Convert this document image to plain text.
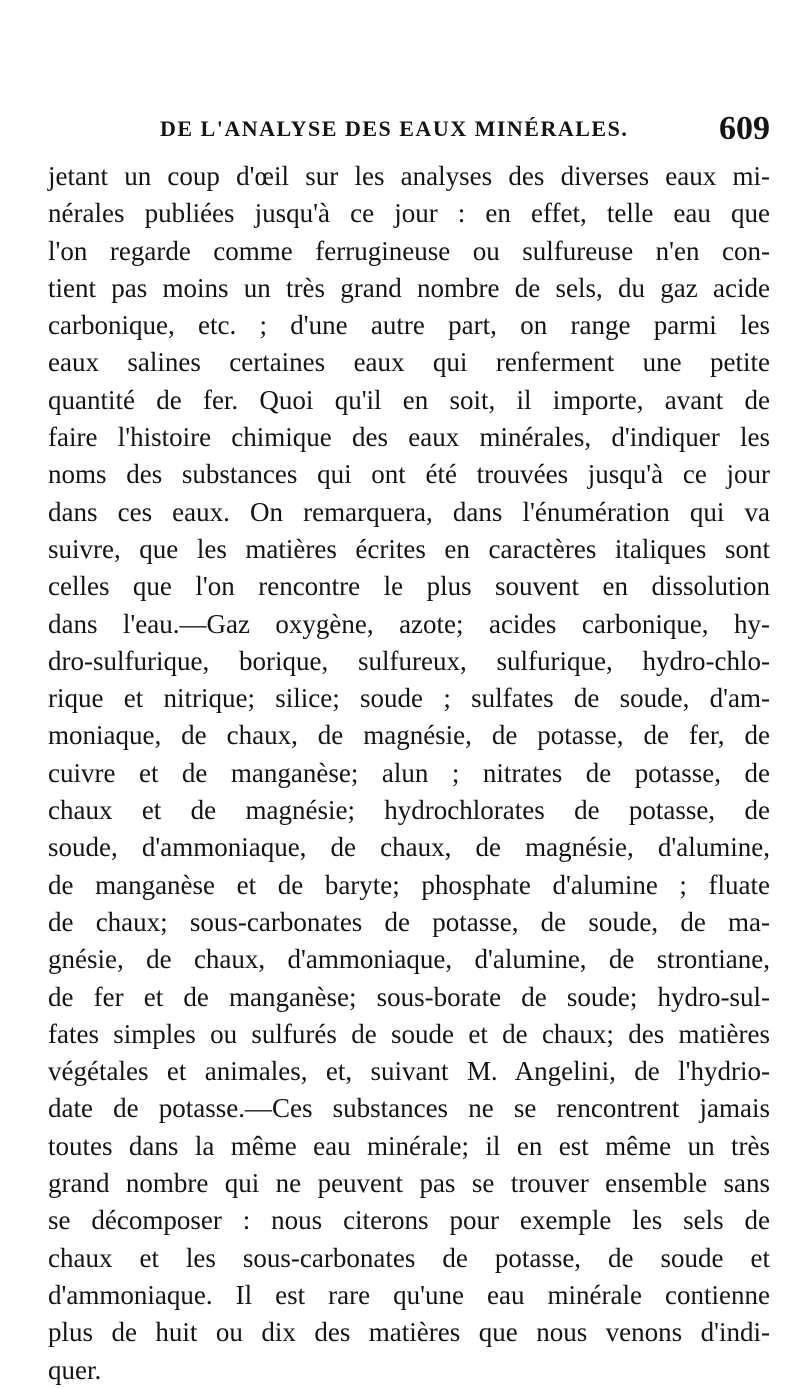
DE L'ANALYSE DES EAUX MINÉRALES.	609
jetant un coup d'œil sur les analyses des diverses eaux mi-
nérales publiées jusqu'à ce jour : en effet, telle eau que
l'on regarde comme ferrugineuse ou sulfureuse n'en con-
tient pas moins un très grand nombre de sels, du gaz acide
carbonique, etc. ; d'une autre part, on range parmi les
eaux salines certaines eaux qui renferment une petite
quantité de fer. Quoi qu'il en soit, il importe, avant de
faire l'histoire chimique des eaux minérales, d'indiquer les
noms des substances qui ont été trouvées jusqu'à ce jour
dans ces eaux. On remarquera, dans l'énumération qui va
suivre, que les matières écrites en caractères italiques sont
celles que l'on rencontre le plus souvent en dissolution
dans l'eau.—Gaz oxygène, azote; acides carbonique, hy-
dro-sulfurique, borique, sulfureux, sulfurique, hydro-chlo-
rique et nitrique; silice; soude ; sulfates de soude, d'am-
moniaque, de chaux, de magnésie, de potasse, de fer, de
cuivre et de manganèse; alun ; nitrates de potasse, de
chaux et de magnésie; hydrochlorates de potasse, de
soude, d'ammoniaque, de chaux, de magnésie, d'alumine,
de manganèse et de baryte; phosphate d'alumine ; fluate
de chaux; sous-carbonates de potasse, de soude, de ma-
gnésie, de chaux, d'ammoniaque, d'alumine, de strontiane,
de fer et de manganèse; sous-borate de soude; hydro-sul-
fates simples ou sulfurés de soude et de chaux; des matières
végétales et animales, et, suivant M. Angelini, de l'hydrio-
date de potasse.—Ces substances ne se rencontrent jamais
toutes dans la même eau minérale; il en est même un très
grand nombre qui ne peuvent pas se trouver ensemble sans
se décomposer : nous citerons pour exemple les sels de
chaux et les sous-carbonates de potasse, de soude et
d'ammoniaque. Il est rare qu'une eau minérale contienne
plus de huit ou dix des matières que nous venons d'indi-
quer.
